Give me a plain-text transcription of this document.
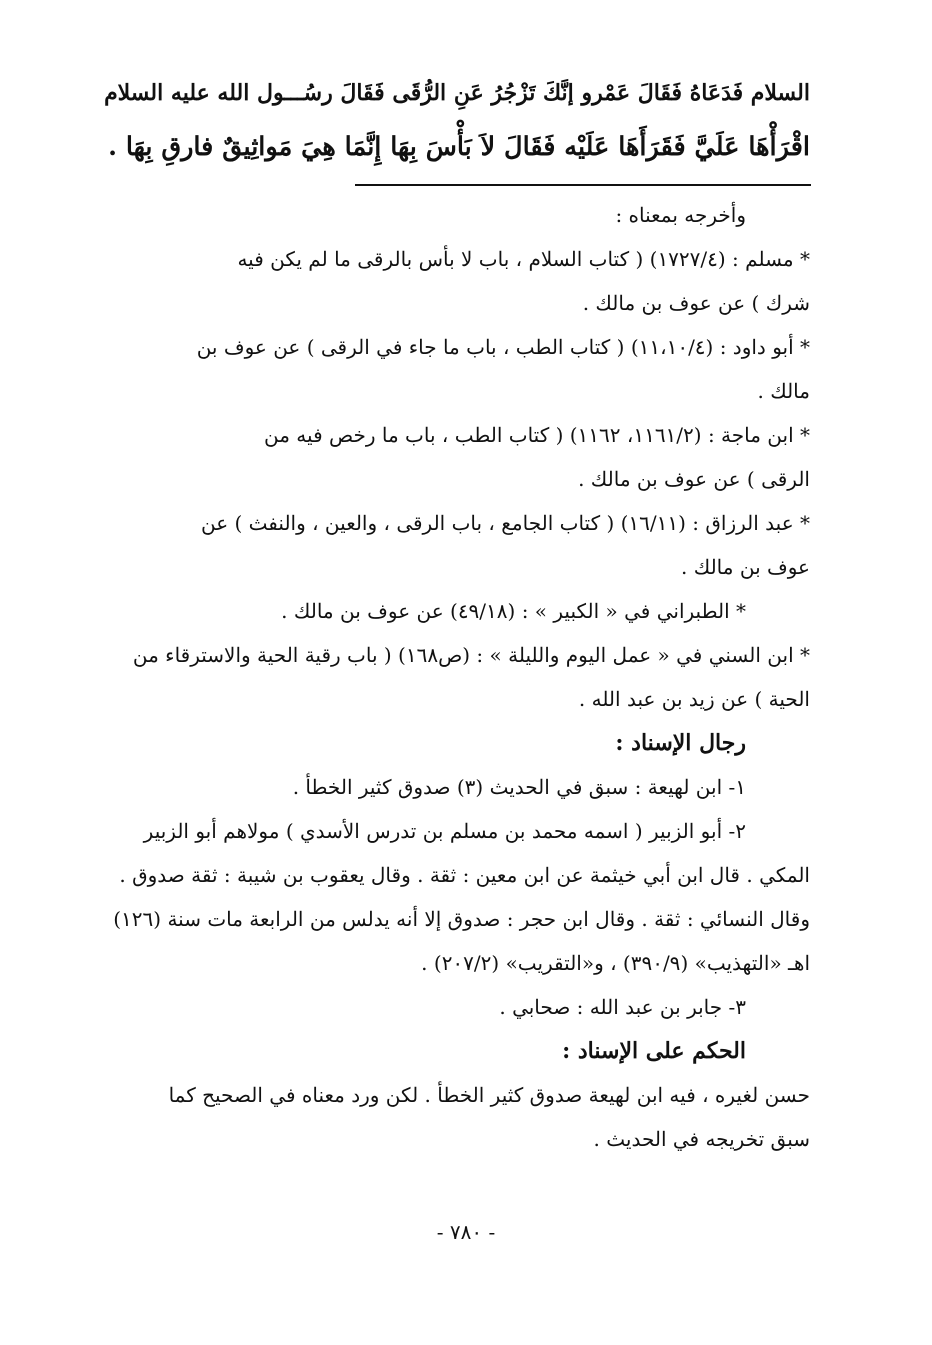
السلام فَدَعَاهُ فَقَالَ عَمْرو إنَّكَ تَزْجُرُ عَنِ الرُّقَى فَقَالَ رسُـــول الله عليه السلام
اقْرَأْهَا عَلَيَّ فَقَرَأَهَا عَلَيْه فَقَالَ لاَ بَأْسَ بِهَا إِنَّمَا هِيَ مَواثِيقٌ فارقِ بِهَا .
وأخرجه بمعناه :
* مسلم : (١٧٢٧/٤) ( كتاب السلام ، باب لا بأس بالرقى ما لم يكن فيه
شرك ) عن عوف بن مالك .
* أبو داود : (١١،١٠/٤) ( كتاب الطب ، باب ما جاء في الرقى ) عن عوف بن
مالك .
* ابن ماجة : (١١٦١/٢، ١١٦٢) ( كتاب الطب ، باب ما رخص فيه من
الرقى ) عن عوف بن مالك .
* عبد الرزاق : (١٦/١١) ( كتاب الجامع ، باب الرقى ، والعين ، والنفث ) عن
عوف بن مالك .
* الطبراني في « الكبير » : (٤٩/١٨) عن عوف بن مالك .
* ابن السني في « عمل اليوم والليلة » : (ص١٦٨) ( باب رقية الحية والاسترقاء من
الحية ) عن زيد بن عبد الله .
رجال الإسناد :
١- ابن لهيعة : سبق في الحديث (٣) صدوق كثير الخطأ .
٢- أبو الزبير ( اسمه محمد بن مسلم بن تدرس الأسدي ) مولاهم أبو الزبير
المكي . قال ابن أبي خيثمة عن ابن معين : ثقة . وقال يعقوب بن شيبة : ثقة صدوق .
وقال النسائي : ثقة . وقال ابن حجر : صدوق إلا أنه يدلس من الرابعة مات سنة (١٢٦)
اهـ «التهذيب» (٣٩٠/٩) ، و«التقريب» (٢٠٧/٢) .
٣- جابر بن عبد الله : صحابي .
الحكم على الإسناد :
حسن لغيره ، فيه ابن لهيعة صدوق كثير الخطأ . لكن ورد معناه في الصحيح كما
سبق تخريجه في الحديث .
- ٧٨٠ -
